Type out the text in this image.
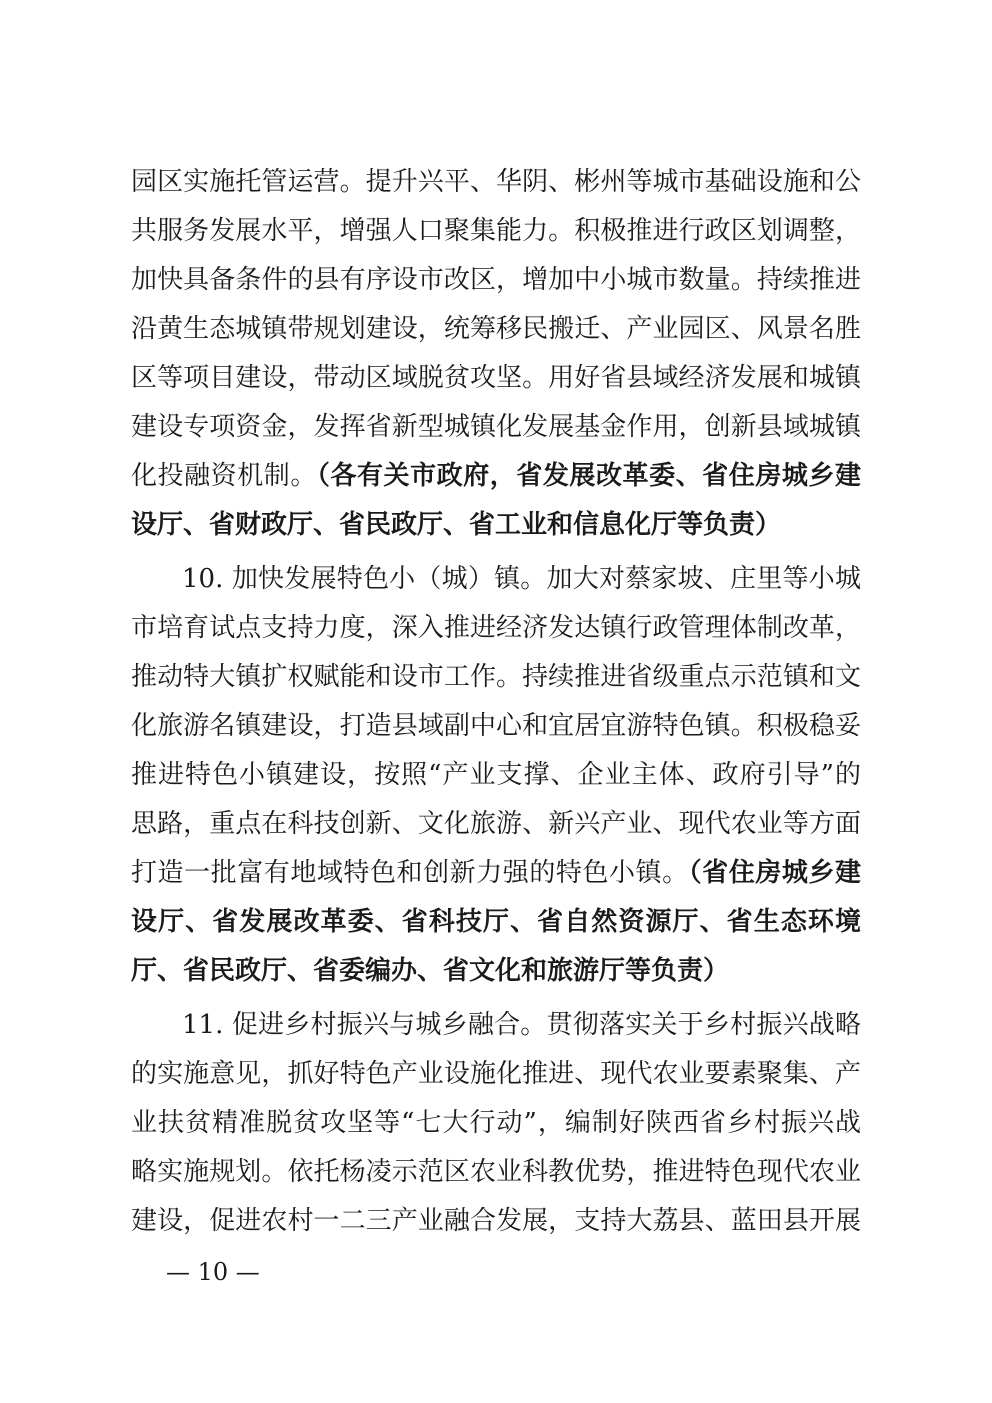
园区实施托管运营。提升兴平、华阴、彬州等城市基础设施和公
共服务发展水平，增强人口聚集能力。积极推进行政区划调整，
加快具备条件的县有序设市改区，增加中小城市数量。持续推进
沿黄生态城镇带规划建设，统筹移民搬迁、产业园区、风景名胜
区等项目建设，带动区域脱贫攻坚。用好省县域经济发展和城镇
建设专项资金，发挥省新型城镇化发展基金作用，创新县域城镇
化投融资机制。（各有关市政府，省发展改革委、省住房城乡建
设厅、省财政厅、省民政厅、省工业和信息化厅等负责）
10. 加快发展特色小（城）镇。加大对蔡家坡、庄里等小城
市培育试点支持力度，深入推进经济发达镇行政管理体制改革，
推动特大镇扩权赋能和设市工作。持续推进省级重点示范镇和文
化旅游名镇建设，打造县域副中心和宜居宜游特色镇。积极稳妥
推进特色小镇建设，按照“产业支撑、企业主体、政府引导”的
思路，重点在科技创新、文化旅游、新兴产业、现代农业等方面
打造一批富有地域特色和创新力强的特色小镇。（省住房城乡建
设厅、省发展改革委、省科技厅、省自然资源厅、省生态环境
厅、省民政厅、省委编办、省文化和旅游厅等负责）
11. 促进乡村振兴与城乡融合。贯彻落实关于乡村振兴战略
的实施意见，抓好特色产业设施化推进、现代农业要素聚集、产
业扶贫精准脱贫攻坚等“七大行动”，编制好陕西省乡村振兴战
略实施规划。依托杨凌示范区农业科教优势，推进特色现代农业
建设，促进农村一二三产业融合发展，支持大荔县、蓝田县开展
— 10 —
